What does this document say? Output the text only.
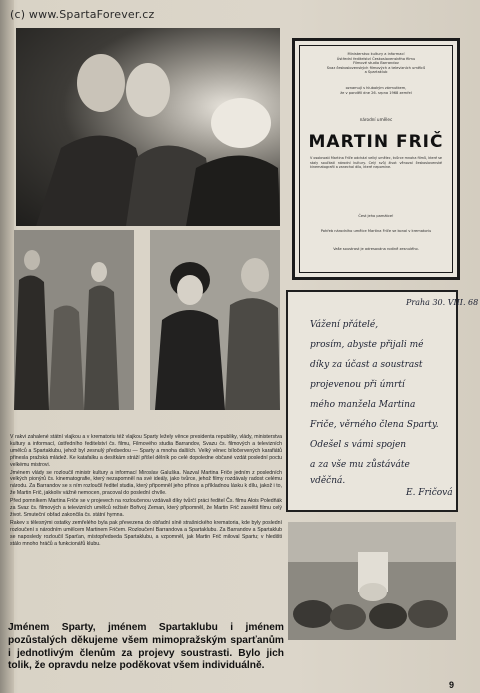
(c) www.SpartaForever.cz
Ministerstvo kultury a informací
Ústřední ředitelství Československého filmu
Filmové studio Barrandov
Svaz československých filmových a televizních umělců
a Spartaklub
oznamují s hlubokým zármutkem,
že v pondělí dne 26. srpna 1968 zemřel
národní umělec
MARTIN FRIČ
V osobnosti Martina Friče odchází velký umělec, tvůrce mnoha filmů, které se staly součástí národní kultury. Celý svůj život věnoval československé kinematografii a zanechal dílo, které nepomine.
Čest jeho památce!
Pohřeb národního umělce Martina Friče se konal v krematoriu
Vaše soustrast je adresována rodině zesnulého.
Praha 30. VIII. 68
Vážení přátelé,
prosím, abyste přijali mé
díky za účast a soustrast
projevenou při úmrtí
mého manžela Martina
Friče, věrného člena Sparty.
Odešel s vámi spojen
a za vše mu zůstáváte
vděčná.
E. Fričová

V rakvi zahalené státní vlajkou a v krematoriu též vlajkou Sparty ležely věnce presidenta republiky, vlády, ministerstva kultury a informací, ústředního ředitelství čs. filmu, Filmového studia Barrandov, Svazu čs. filmových a televizních umělců a Spartaklubu, jehož byl zesnulý předsedou — Sparty a mnoha dalších. Velký věnec bíločervených karafiátů přinesla pražská mládež. Ke katafalku a desítkám stráží přišel dělník po celé dopoledne občané vzdát poslední poctu velkému mistrovi.

Jménem vlády se rozloučil ministr kultury a informací Miroslav Galuška. Nazval Martina Friče jedním z posledních velkých pionýrů čs. kinematografie, který nezapomněl na své ideály, jako tvůrce, jehož filmy rozdávaly radost celému národu. Za Barrandov se s ním rozloučil ředitel studia, který připomněl jeho přínos a příkladnou lásku k dílu, jakož i to, že Martin Frič, jakkoliv vážně nemocen, pracoval do poslední chvíle.

Před pomníkem Martina Friče se v projevech na rozloučenou vzdávali díky tvůrčí práci ředitel Čs. filmu Alois Poledňák za Svaz čs. filmových a televizních umělců režisér Bořivoj Zeman, který připomněl, že Martin Frič zasvětil filmu celý život. Smuteční obřad zakončila čs. státní hymna.

Rakev s tělesnými ostatky zemřelého byla pak převezena do obřadní síně strašnického krematoria, kde byly poslední rozloučení s národním umělcem Martinem Fričem. Rozloučení Barrandova a Spartaklubu. Za Barrandov a Spartaklub se naposledy rozloučil Sparťan, místopředseda Spartaklubu, a vzpomněl, jak Martin Frič miloval Spartu; v hledišti stálo mnoho hráčů a funkcionářů klubu.

Jménem Sparty, jménem Spartaklubu i jménem pozůstalých děkujeme všem mimopražským sparťanům i jednotlivým členům za projevy soustrasti. Bylo jich tolik, že opravdu nelze poděkovat všem individuálně.
9
